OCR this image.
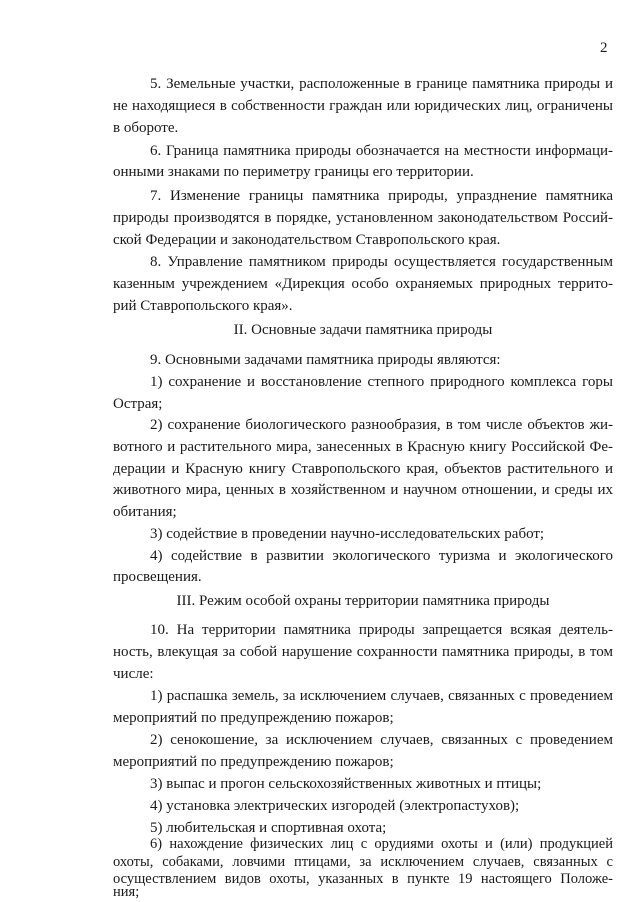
2
5. Земельные участки, расположенные в границе памятника природы и
не находящиеся в собственности граждан или юридических лиц, ограничены
в обороте.
6. Граница памятника природы обозначается на местности информаци-
онными знаками по периметру границы его территории.
7. Изменение границы памятника природы, упразднение памятника
природы производятся в порядке, установленном законодательством Россий-
ской Федерации и законодательством Ставропольского края.
8. Управление памятником природы осуществляется государственным
казенным учреждением «Дирекция особо охраняемых природных террито-
рий Ставропольского края».
II. Основные задачи памятника природы
9. Основными задачами памятника природы являются:
1) сохранение и восстановление степного природного комплекса горы
Острая;
2) сохранение биологического разнообразия, в том числе объектов жи-
вотного и растительного мира, занесенных в Красную книгу Российской Фе-
дерации и Красную книгу Ставропольского края, объектов растительного и
животного мира, ценных в хозяйственном и научном отношении, и среды их
обитания;
3) содействие в проведении научно-исследовательских работ;
4) содействие в развитии экологического туризма и экологического
просвещения.
III. Режим особой охраны территории памятника природы
10. На территории памятника природы запрещается всякая деятель-
ность, влекущая за собой нарушение сохранности памятника природы, в том
числе:
1) распашка земель, за исключением случаев, связанных с проведением
мероприятий по предупреждению пожаров;
2) сенокошение, за исключением случаев, связанных с проведением
мероприятий по предупреждению пожаров;
3) выпас и прогон сельскохозяйственных животных и птицы;
4) установка электрических изгородей (электропастухов);
5) любительская и спортивная охота;
6) нахождение физических лиц с орудиями охоты и (или) продукцией
охоты, собаками, ловчими птицами, за исключением случаев, связанных с
осуществлением видов охоты, указанных в пункте 19 настоящего Положе-
ния;
